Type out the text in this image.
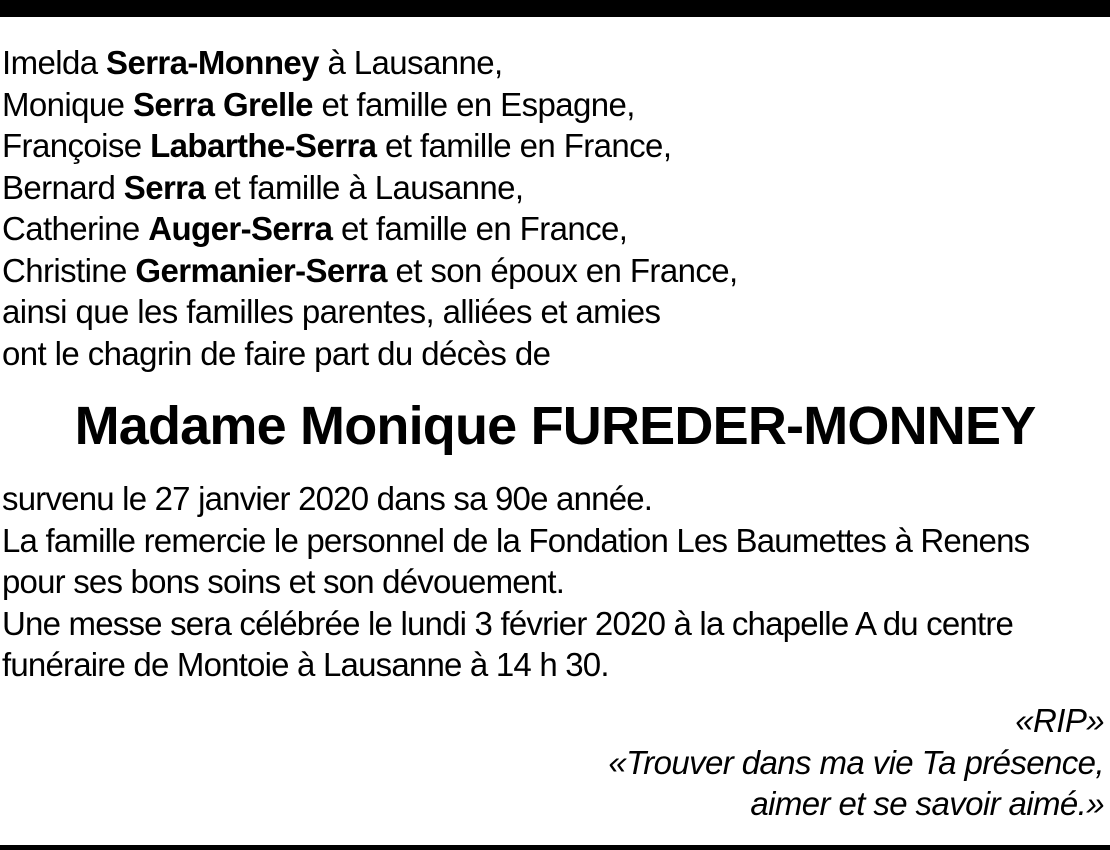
Imelda Serra-Monney à Lausanne,
Monique Serra Grelle et famille en Espagne,
Françoise Labarthe-Serra et famille en France,
Bernard Serra et famille à Lausanne,
Catherine Auger-Serra et famille en France,
Christine Germanier-Serra et son époux en France,
ainsi que les familles parentes, alliées et amies
ont le chagrin de faire part du décès de
Madame Monique FUREDER-MONNEY
survenu le 27 janvier 2020 dans sa 90e année.
La famille remercie le personnel de la Fondation Les Baumettes à Renens
pour ses bons soins et son dévouement.
Une messe sera célébrée le lundi 3 février 2020 à la chapelle A du centre
funéraire de Montoie à Lausanne à 14 h 30.
«RIP»
«Trouver dans ma vie Ta présence,
aimer et se savoir aimé.»
